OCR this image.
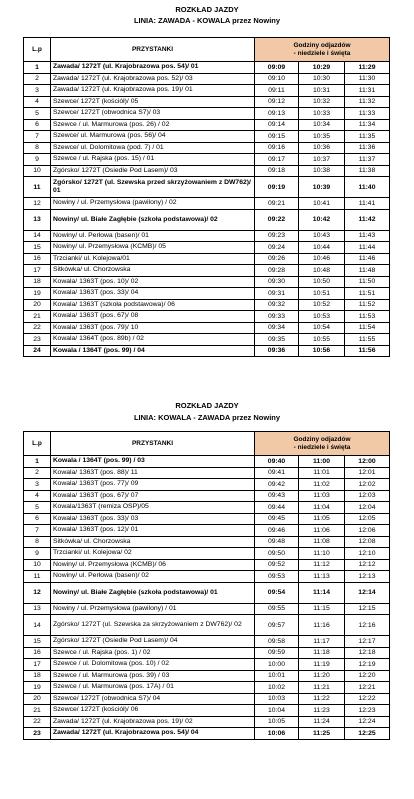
ROZKŁAD JAZDY
LINIA: ZAWADA - KOWALA przez Nowiny
L.p	PRZYSTANKI	Godziny odjazdów
- niedziele i święta		

1	Zawada/ 1272T (ul. Krajobrazowa pos. 54)/ 01	09:09	10:29	11:29
2	Zawada/ 1272T (ul. Krajobrazowa pos. 52)/ 03	09:10	10:30	11:30
3	Zawada/ 1272T (ul. Krajobrazowa pos. 19)/ 01	09:11	10:31	11:31
4	Szewce/ 1272T (kościół)/ 05	09:12	10:32	11:32
5	Szewce/ 1272T (obwodnica S7)/ 03	09:13	10:33	11:33
6	Szewce / ul. Marmurowa (pos. 26) / 02	09:14	10:34	11:34
7	Szewce/ ul. Marmurowa (pos. 56)/ 04	09:15	10:35	11:35
8	Szewce/ ul. Dolomitowa (pod. 7) / 01	09:16	10:36	11:36
9	Szewce / ul. Rajska (pos. 15) / 01	09:17	10:37	11:37
10	Zgórsko/ 1272T (Osiedle Pod Lasem)/ 03	09:18	10:38	11:38
11	Zgórsko/ 1272T (ul. Szewska przed skrzyżowaniem z DW762)/ 01	09:19	10:39	11:40
12	Nowiny / ul. Przemysłowa (pawilony) / 02	09:21	10:41	11:41
13	Nowiny/ ul. Białe Zagłębie (szkoła podstawowa)/ 02	09:22	10:42	11:42
14	Nowiny/ ul. Perłowa (basen)/ 01	09:23	10:43	11:43
15	Nowiny/ ul. Przemysłowa (KCMB)/ 05	09:24	10:44	11:44
16	Trzcianki/ ul. Kolejowa/01	09:26	10:46	11:46
17	Sitkówka/ ul. Chorzowska	09:28	10:48	11:48
18	Kowala/ 1363T (pos. 10)/ 02	09:30	10:50	11:50
19	Kowala/ 1363T (pos. 33)/ 04	09:31	10:51	11:51
20	Kowala/ 1363T (szkoła podstawowa)/ 06	09:32	10:52	11:52
21	Kowala/ 1363T (pos. 67)/ 08	09:33	10:53	11:53
22	Kowala/ 1363T (pos. 79)/ 10	09:34	10:54	11:54
23	Kowala/ 1364T (pos. 89b) / 02	09:35	10:55	11:55
24	Kowala / 1364T (pos. 99) / 04	09:36	10:56	11:56
ROZKŁAD JAZDY
LINIA: KOWALA - ZAWADA przez Nowiny
L.p	PRZYSTANKI	Godziny odjazdów
- niedziele i święta		

1	Kowala / 1364T (pos. 99) / 03	09:40	11:00	12:00
2	Kowala/ 1363T (pos. 88)/ 11	09:41	11:01	12:01
3	Kowala/ 1363T (pos. 77)/ 09	09:42	11:02	12:02
4	Kowala/ 1363T (pos. 67)/ 07	09:43	11:03	12:03
5	Kowala/1363T (remiza OSP)/05	09:44	11:04	12:04
6	Kowala/ 1363T (pos. 33)/ 03	09:45	11:05	12:05
7	Kowala/ 1363T (pos. 12)/ 01	09:46	11:06	12:06
8	Sitkówka/ ul. Chorzowska	09:48	11:08	12:08
9	Trzcianki/ ul. Kolejowa/ 02	09:50	11:10	12:10
10	Nowiny/ ul. Przemysłowa (KCMB)/ 06	09:52	11:12	12:12
11	Nowiny/ ul. Perłowa (basen)/ 02	09:53	11:13	12:13
12	Nowiny/ ul. Białe Zagłębie (szkoła podstawowa)/ 01	09:54	11:14	12:14
13	Nowiny / ul. Przemysłowa (pawilony) / 01	09:55	11:15	12:15
14	Zgórsko/ 1272T (ul. Szewska za skrzyżowaniem z DW762)/ 02	09:57	11:16	12:16
15	Zgórsko/ 1272T (Osiedle Pod Lasem)/ 04	09:58	11:17	12:17
16	Szewce / ul. Rajska (pos. 1) / 02	09:59	11:18	12:18
17	Szewce / ul. Dolomitowa (pos. 10) / 02	10:00	11:19	12:19
18	Szewce / ul. Marmurowa (pos. 39) / 03	10:01	11:20	12:20
19	Szewce / ul. Marmurowa (pos. 17A) / 01	10:02	11:21	12:21
20	Szewce/ 1272T (obwodnica S7)/ 04	10:03	11:22	12:22
21	Szewce/ 1272T (kościół)/ 06	10:04	11:23	12:23
22	Zawada/ 1272T (ul. Krajobrazowa pos. 19)/ 02	10:05	11:24	12:24
23	Zawada/ 1272T (ul. Krajobrazowa pos. 54)/ 04	10:06	11:25	12:25
